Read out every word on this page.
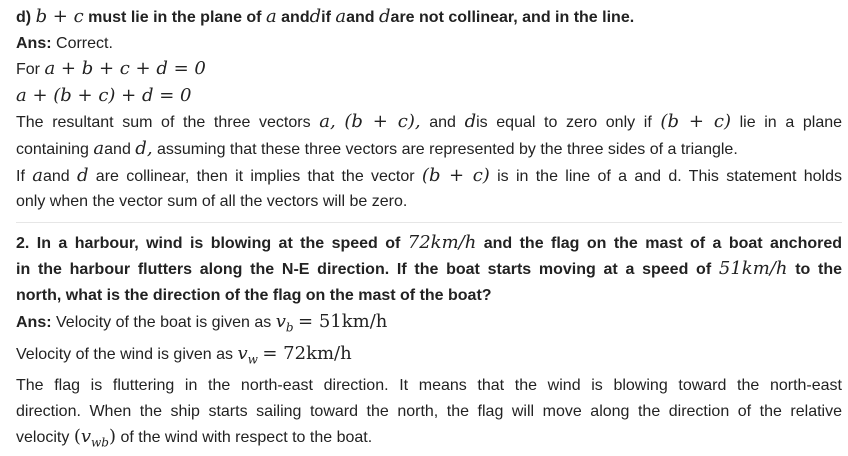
d) b + c must lie in the plane of a anddif aand dare not collinear, and in the line.
Ans: Correct.
For a + b + c + d = 0
a + (b + c) + d = 0
The resultant sum of the three vectors a, (b + c), and dis equal to zero only if (b + c) lie in a plane
containing aand d, assuming that these three vectors are represented by the three sides of a triangle.
If aand d are collinear, then it implies that the vector (b + c) is in the line of a and d. This statement holds
only when the vector sum of all the vectors will be zero.
2. In a harbour, wind is blowing at the speed of 72km/h and the flag on the mast of a boat anchored
in the harbour flutters along the N-E direction. If the boat starts moving at a speed of 51km/h to the
north, what is the direction of the flag on the mast of the boat?
Ans: Velocity of the boat is given as $v_b = 51km/h$
Velocity of the wind is given as $v_w = 72km/h$
The flag is fluttering in the north-east direction. It means that the wind is blowing toward the north-east
direction. When the ship starts sailing toward the north, the flag will move along the direction of the relative
velocity $(v_{wb})$ of the wind with respect to the boat.
